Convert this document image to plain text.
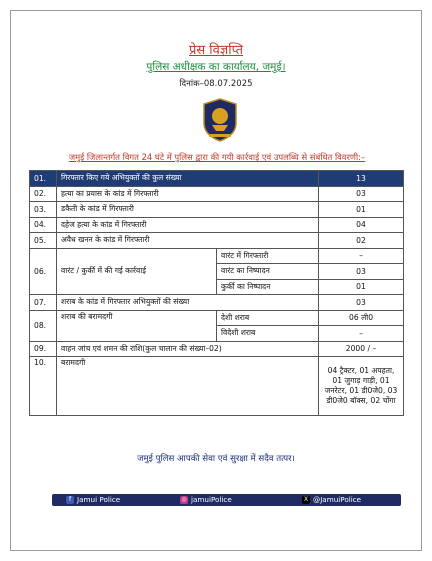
प्रेस विज्ञप्ति
पुलिस अधीक्षक का कार्यालय, जमुई।
दिनांक–08.07.2025
जमुई जिलान्तर्गत विगत 24 घंटे में पुलिस द्वारा की गयी कार्रवाई एवं उपलब्धि से संबंधित विवरणी:–
01.	गिरफ्तार किए गये अभियुक्तों की कुल संख्या		13
02.	हत्या का प्रयास के कांड में गिरफ्तारी		03
03.	डकैती के कांड में गिरफ्तारी		01
04.	दहेज हत्या के कांड में गिरफ्तारी		04
05.	अवैध खनन के कांड में गिरफ्तारी		02
06.	वारंट / कुर्की में की गई कार्रवाई	वारंट में गिरफ्तारी	–
		वारंट का निष्पादन	03
		कुर्की का निष्पादन	01
07.	शराब के कांड में गिरफ्तार अभियुक्तों की संख्या		03
08.	शराब की बरामदगी	देशी शराब	06 ली0
		विदेशी शराब	–
09.	वाहन जांच एवं शमन की राशि(कुल चालान की संख्या–02)		2000 / –
10.	बरामदगी		04 ट्रैक्टर, 01 अपहता, 01 जुगाड़ गाड़ी, 01 जनरेटर, 01 डी0जे0, 03 डी0जे0 बॉक्स, 02 चोंगा
जमुई पुलिस आपकी सेवा एवं सुरक्षा में सदैव तत्पर।
f Jamui Police	◎ jamuiPolice	X @JamuiPolice
